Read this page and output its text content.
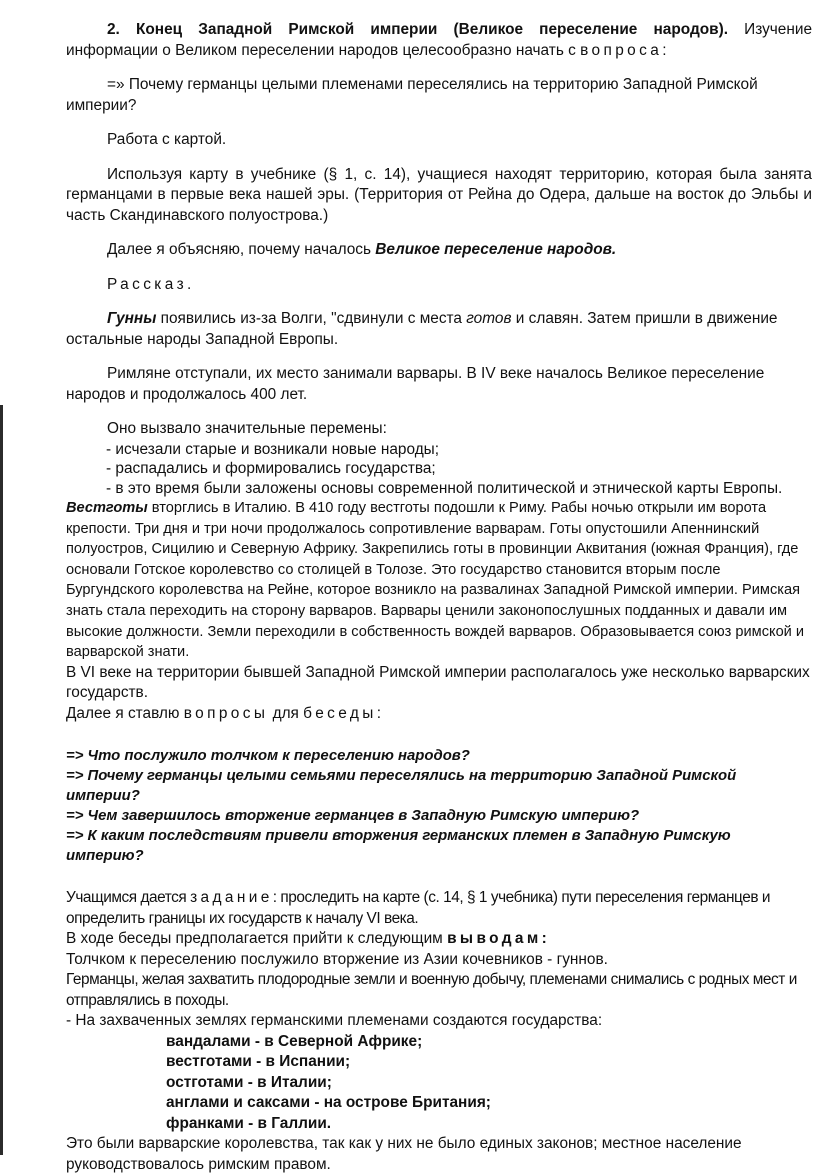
2. Конец Западной Римской империи (Великое переселение народов). Изучение информации о Великом переселении народов целесообразно начать с вопроса:

=» Почему германцы целыми племенами переселялись на территорию Западной Римской империи?

Работа с картой.

Используя карту в учебнике (§ 1, с. 14), учащиеся находят территорию, которая была занята германцами в первые века нашей эры. (Территория от Рейна до Одера, дальше на восток до Эльбы и часть Скандинавского полуострова.)

Далее я объясняю, почему началось Великое переселение народов.

Рассказ.

Гунны появились из-за Волги, "сдвинули с места готов и славян. Затем пришли в движение остальные народы Западной Европы.

Римляне отступали, их место занимали варвары. В IV веке началось Великое переселение народов и продолжалось 400 лет.

Оно вызвало значительные перемены:

- исчезали старые и возникали новые народы;
- распадались и формировались государства;
- в это время были заложены основы современной политической и этнической карты Европы.

Вестготы вторглись в Италию. В 410 году вестготы подошли к Риму. Рабы ночью открыли им ворота крепости. Три дня и три ночи продолжалось сопротивление варварам. Готы опустошили Апеннинский полуостров, Сицилию и Северную Африку. Закрепились готы в провинции Аквитания (южная Франция), где основали Готское королевство со столицей в Толозе. Это государство становится вторым после Бургундского королевства на Рейне, которое возникло на развалинах Западной Римской империи. Римская знать стала переходить на сторону варваров. Варвары ценили законопослушных подданных и давали им высокие должности. Земли переходили в собственность вождей варваров. Образовывается союз римской и варварской знати.

В VI веке на территории бывшей Западной Римской империи располагалось уже несколько варварских государств.

Далее я ставлю вопросы для беседы:

=> Что послужило толчком к переселению народов?
=> Почему германцы целыми семьями переселялись на территорию Западной Римской империи?
=> Чем завершилось вторжение германцев в Западную Римскую империю?
=> К каким последствиям привели вторжения германских племен в Западную Римскую империю?

Учащимся дается задание: проследить на карте (с. 14, § 1 учебника) пути переселения германцев и определить границы их государств к началу VI века.

В ходе беседы предполагается прийти к следующим выводам:

Толчком к переселению послужило вторжение из Азии кочевников - гуннов.

Германцы, желая захватить плодородные земли и военную добычу, племенами снимались с родных мест и отправлялись в походы.

- На захваченных землях германскими племенами создаются государства:

вандалами - в Северной Африке;
вестготами - в Испании;
остготами - в Италии;
англами и саксами - на острове Британия;
франками - в Галлии.

Это были варварские королевства, так как у них не было единых законов; местное население руководствовалось римским правом.
